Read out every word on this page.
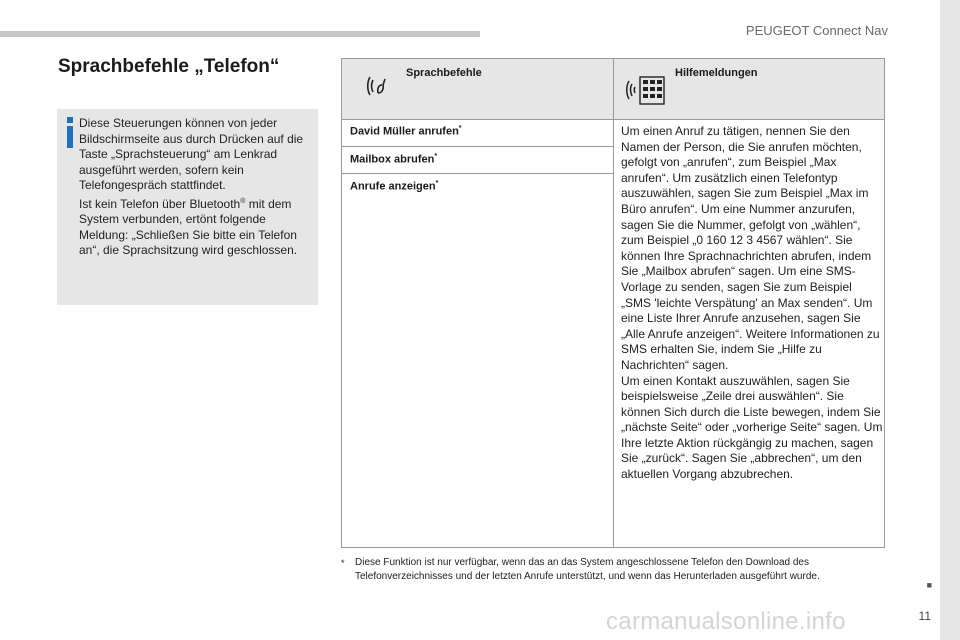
PEUGEOT Connect Nav
■
11
Sprachbefehle „Telefon“
Diese Steuerungen können von jeder Bildschirmseite aus durch Drücken auf die Taste „Sprachsteuerung“ am Lenkrad ausgeführt werden, sofern kein Telefongespräch stattfindet.
Ist kein Telefon über Bluetooth® mit dem System verbunden, ertönt folgende Meldung: „Schließen Sie bitte ein Telefon an“, die Sprachsitzung wird geschlossen.
Sprachbefehle	Hilfemeldungen
David Müller anrufen*
Mailbox abrufen*
Anrufe anzeigen*
Um einen Anruf zu tätigen, nennen Sie den Namen der Person, die Sie anrufen möchten, gefolgt von „anrufen“, zum Beispiel „Max anrufen“. Um zusätzlich einen Telefontyp auszuwählen, sagen Sie zum Beispiel „Max im Büro anrufen“. Um eine Nummer anzurufen, sagen Sie die Nummer, gefolgt von „wählen“, zum Beispiel „0 160 12 3 4567 wählen“. Sie können Ihre Sprachnachrichten abrufen, indem Sie „Mailbox abrufen“ sagen. Um eine SMS-Vorlage zu senden, sagen Sie zum Beispiel „SMS 'leichte Verspätung' an Max senden“. Um eine Liste Ihrer Anrufe anzusehen, sagen Sie „Alle Anrufe anzeigen“. Weitere Informationen zu SMS erhalten Sie, indem Sie „Hilfe zu Nachrichten“ sagen.
Um einen Kontakt auszuwählen, sagen Sie beispielsweise „Zeile drei auswählen“. Sie können Sich durch die Liste bewegen, indem Sie „nächste Seite“ oder „vorherige Seite“ sagen. Um Ihre letzte Aktion rückgängig zu machen, sagen Sie „zurück“. Sagen Sie „abbrechen“, um den aktuellen Vorgang abzubrechen.
* Diese Funktion ist nur verfügbar, wenn das an das System angeschlossene Telefon den Download des Telefonverzeichnisses und der letzten Anrufe unterstützt, und wenn das Herunterladen ausgeführt wurde.
carmanualsonline.info
